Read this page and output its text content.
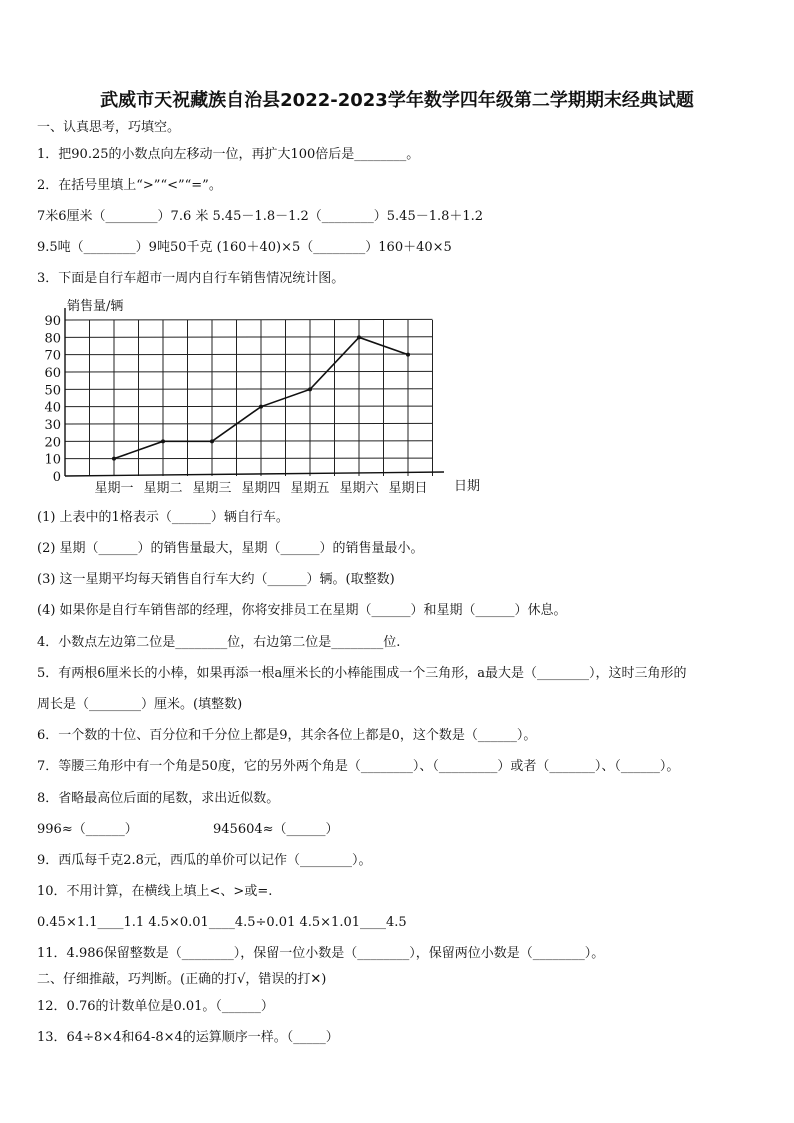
武威市天祝藏族自治县2022-2023学年数学四年级第二学期期末经典试题
一、认真思考，巧填空。
1．把90.25的小数点向左移动一位，再扩大100倍后是________。
2．在括号里填上“>”“<”“=”。
7米6厘米（________）7.6 米 5.45－1.8－1.2（________）5.45－1.8＋1.2
9.5吨（________）9吨50千克 (160＋40)×5（________）160＋40×5
3．下面是自行车超市一周内自行车销售情况统计图。
0
10
20
30
40
50
60
70
80
90
销售量/辆
星期一 星期二 星期三 星期四 星期五 星期六 星期日 日期
(1) 上表中的1格表示（______）辆自行车。
(2) 星期（______）的销售量最大，星期（______）的销售量最小。
(3) 这一星期平均每天销售自行车大约（______）辆。(取整数)
(4) 如果你是自行车销售部的经理，你将安排员工在星期（______）和星期（______）休息。
4．小数点左边第二位是________位，右边第二位是________位.
5．有两根6厘米长的小棒，如果再添一根a厘米长的小棒能围成一个三角形，a最大是（________），这时三角形的
周长是（________）厘米。(填整数)
6．一个数的十位、百分位和千分位上都是9，其余各位上都是0，这个数是（______）。
7．等腰三角形中有一个角是50度，它的另外两个角是（________）、（_________）或者（_______）、（______）。
8．省略最高位后面的尾数，求出近似数。
996≈（______）	945604≈（______）
9．西瓜每千克2.8元，西瓜的单价可以记作（________）。
10．不用计算，在横线上填上<、>或=.
0.45×1.1____1.1 4.5×0.01____4.5÷0.01 4.5×1.01____4.5
11．4.986保留整数是（________），保留一位小数是（________），保留两位小数是（________）。
二、仔细推敲，巧判断。(正确的打√，错误的打✕)
12．0.76的计数单位是0.01。（______）
13．64÷8×4和64-8×4的运算顺序一样。（_____）
